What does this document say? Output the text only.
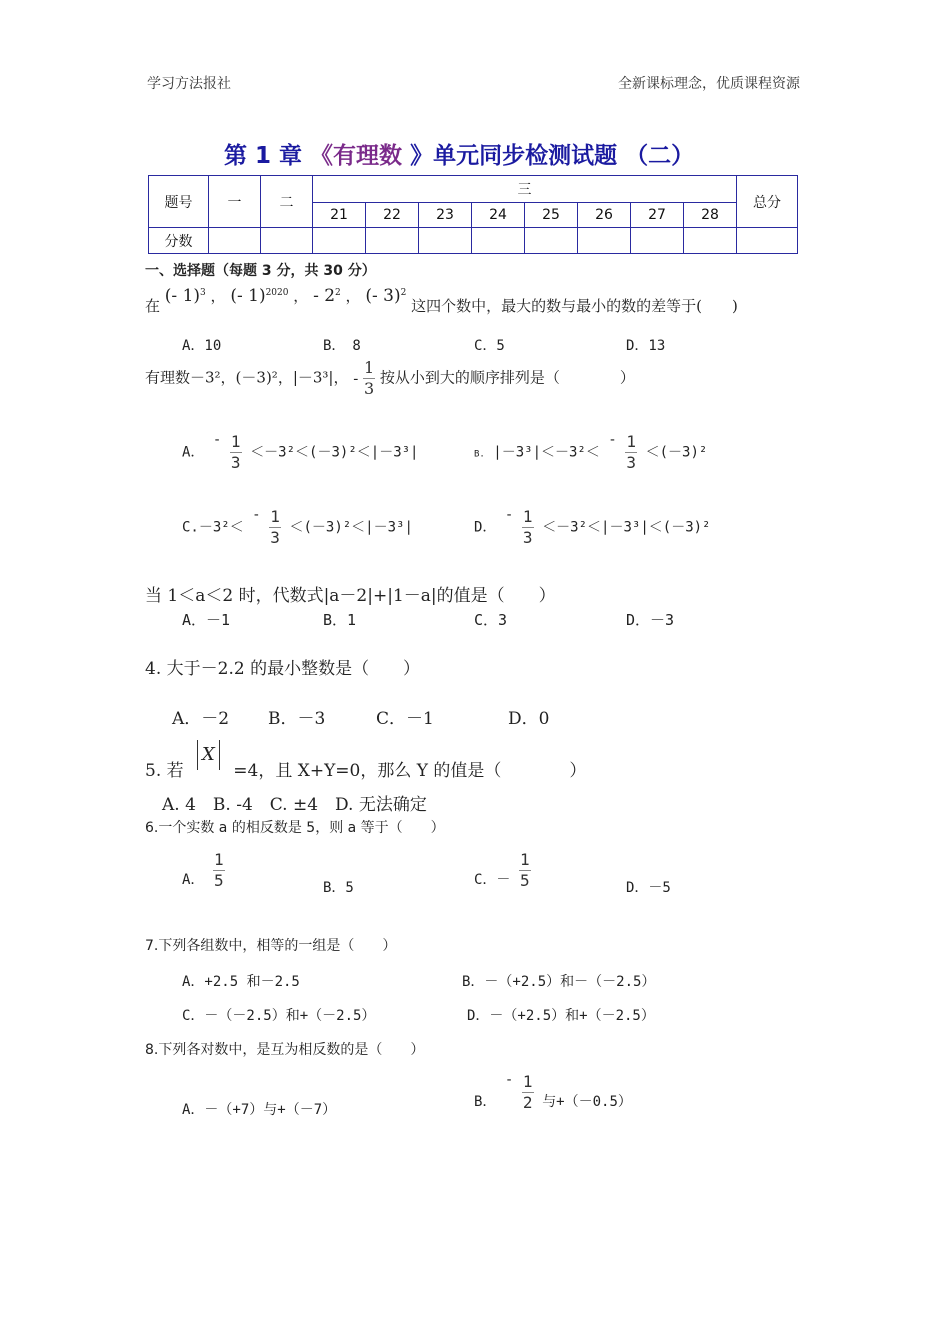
学习方法报社	全新课标理念，优质课程资源
第 1 章 《有理数 》单元同步检测试题 （二）
题号	一	二	三								总分
			21	22	23	24	25	26	27	28	
分数											
一、选择题（每题 3 分，共 30 分）
在 (- 1)$^3$ ， (- 1)$^{2020}$ ， - $2^2$ ， (- 3)$^2$ 这四个数中，最大的数与最小的数的差等于(　　)
A．10	B．　8	C．5	D．13
有理数－3²，(－3)²，|－3³|， - $\frac{1}{3}$ 按从小到大的顺序排列是（　　　　）
A． - $\frac{1}{3} <-3^2<(-3)^2<|-3^3|$	B. $|-3^3|<-3^2< - \frac{1}{3} <(-3)^2$
$C.-3^2< - \frac{1}{3} <(-3)^2<|-3^3|$	D． - $\frac{1}{3} <-3^2<|-3^3|<(-3)^2$
当 1＜a＜2 时，代数式|a－2|+|1－a|的值是（　　）
A．－1	B．1	C．3	D．－3
4. 大于－2.2 的最小整数是（　　）
A．－2 B．－3	C．－1	D．0
5. 若 X =4，且 X+Y=0，那么 Y 的值是（　　　　）
A. 4　B. -4　C. ±4　D. 无法确定
6.一个实数 a 的相反数是 5，则 a 等于（　　）
A． $\frac{1}{5}$	B．5
C．－ $\frac{1}{5}$	D．－5
7.下列各组数中，相等的一组是（　　）
A．+2.5 和－2.5	B．－（+2.5）和－（－2.5）
C．－（－2.5）和+（－2.5）	D．－（+2.5）和+（－2.5）
8.下列各对数中，是互为相反数的是（　　）
A．－（+7）与+（－7）
B． - $\frac{1}{2}$ 与+（－0.5）
